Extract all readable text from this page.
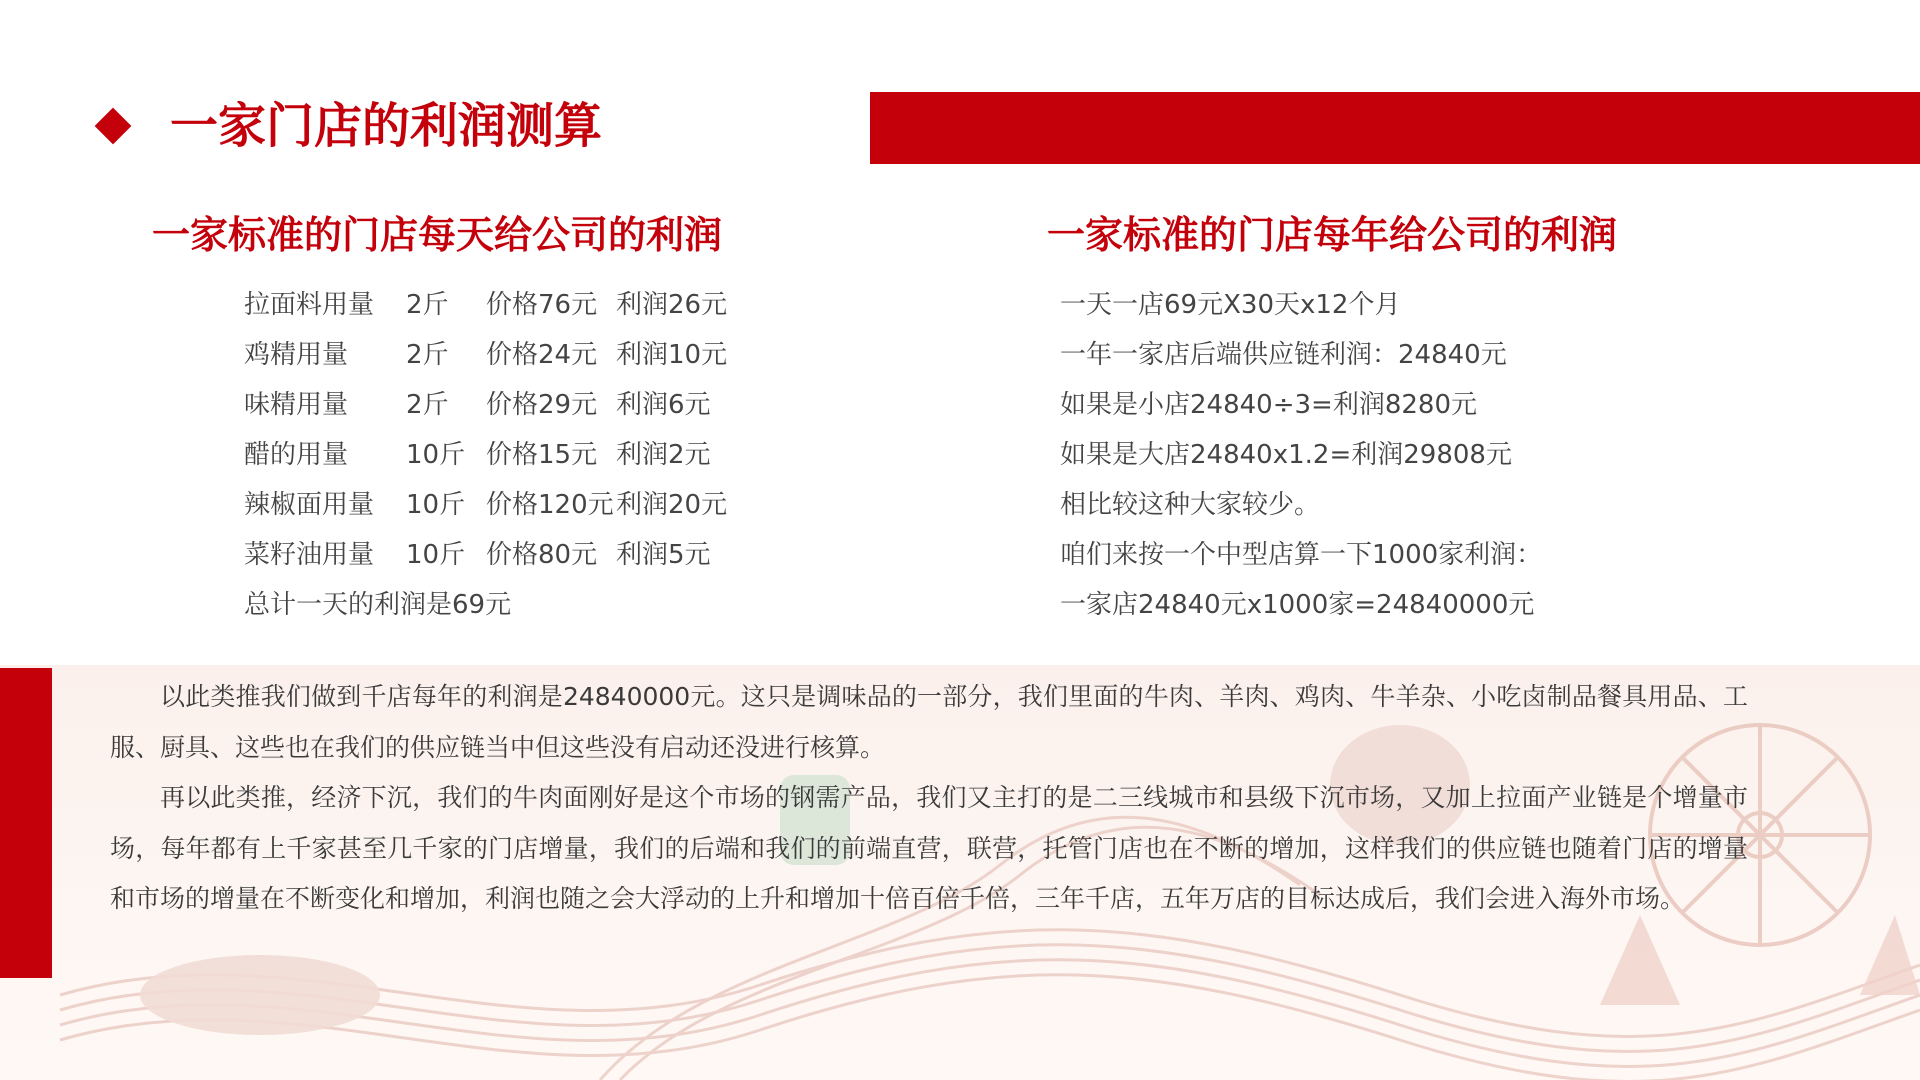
一家门店的利润测算
一家标准的门店每天给公司的利润
拉面料用量	2斤	价格76元 利润26元
鸡精用量	2斤	价格24元 利润10元
味精用量	2斤	价格29元 利润6元
醋的用量	10斤 价格15元 利润2元
辣椒面用量	10斤 价格120元 利润20元
菜籽油用量	10斤 价格80元 利润5元
总计一天的利润是69元
一家标准的门店每年给公司的利润
一天一店69元X30天x12个月
一年一家店后端供应链利润：24840元
如果是小店24840÷3=利润8280元
如果是大店24840x1.2=利润29808元
相比较这种大家较少。
咱们来按一个中型店算一下1000家利润：
一家店24840元x1000家=24840000元

以此类推我们做到千店每年的利润是24840000元。这只是调味品的一部分，我们里面的牛肉、羊肉、鸡肉、牛羊杂、小吃卤制品餐具用品、工服、厨具、这些也在我们的供应链当中但这些没有启动还没进行核算。

再以此类推，经济下沉，我们的牛肉面刚好是这个市场的钢需产品，我们又主打的是二三线城市和县级下沉市场，又加上拉面产业链是个增量市场，每年都有上千家甚至几千家的门店增量，我们的后端和我们的前端直营，联营，托管门店也在不断的增加，这样我们的供应链也随着门店的增量和市场的增量在不断变化和增加，利润也随之会大浮动的上升和增加十倍百倍千倍，三年千店，五年万店的目标达成后，我们会进入海外市场。
